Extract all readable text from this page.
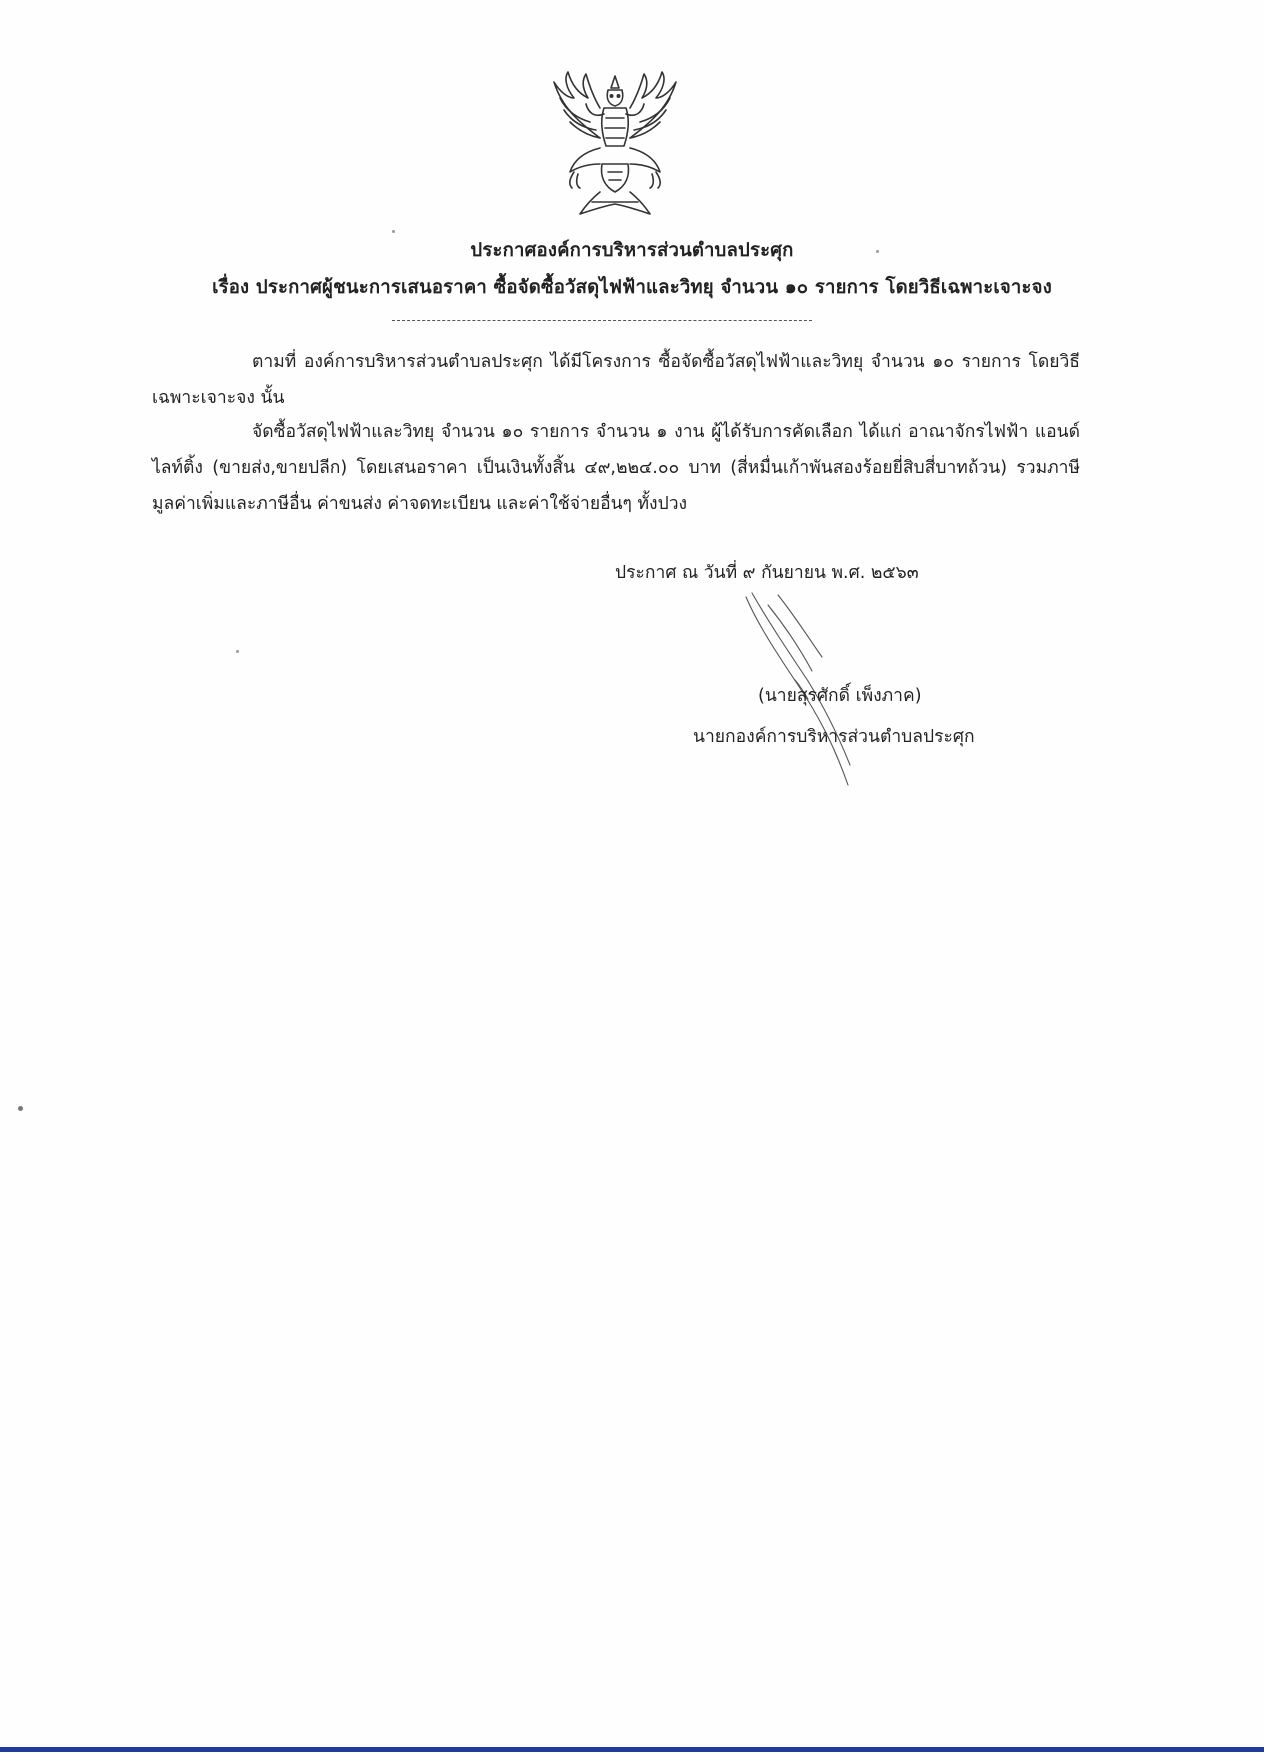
ประกาศองค์การบริหารส่วนตำบลประศุก
เรื่อง ประกาศผู้ชนะการเสนอราคา ซื้อจัดซื้อวัสดุไฟฟ้าและวิทยุ จำนวน ๑๐ รายการ โดยวิธีเฉพาะเจาะจง
ตามที่ องค์การบริหารส่วนตำบลประศุก ได้มีโครงการ ซื้อจัดซื้อวัสดุไฟฟ้าและวิทยุ จำนวน ๑๐ รายการ โดยวิธีเฉพาะเจาะจง นั้น
จัดซื้อวัสดุไฟฟ้าและวิทยุ จำนวน ๑๐ รายการ จำนวน ๑ งาน ผู้ได้รับการคัดเลือก ได้แก่ อาณาจักรไฟฟ้า แอนด์ไลท์ติ้ง (ขายส่ง,ขายปลีก) โดยเสนอราคา เป็นเงินทั้งสิ้น ๔๙,๒๒๔.๐๐ บาท (สี่หมื่นเก้าพันสองร้อยยี่สิบสี่บาทถ้วน) รวมภาษีมูลค่าเพิ่มและภาษีอื่น ค่าขนส่ง ค่าจดทะเบียน และค่าใช้จ่ายอื่นๆ ทั้งปวง
ประกาศ ณ วันที่ ๙ กันยายน พ.ศ. ๒๕๖๓
(นายสุรศักดิ์ เพ็งภาค)
นายกองค์การบริหารส่วนตำบลประศุก
